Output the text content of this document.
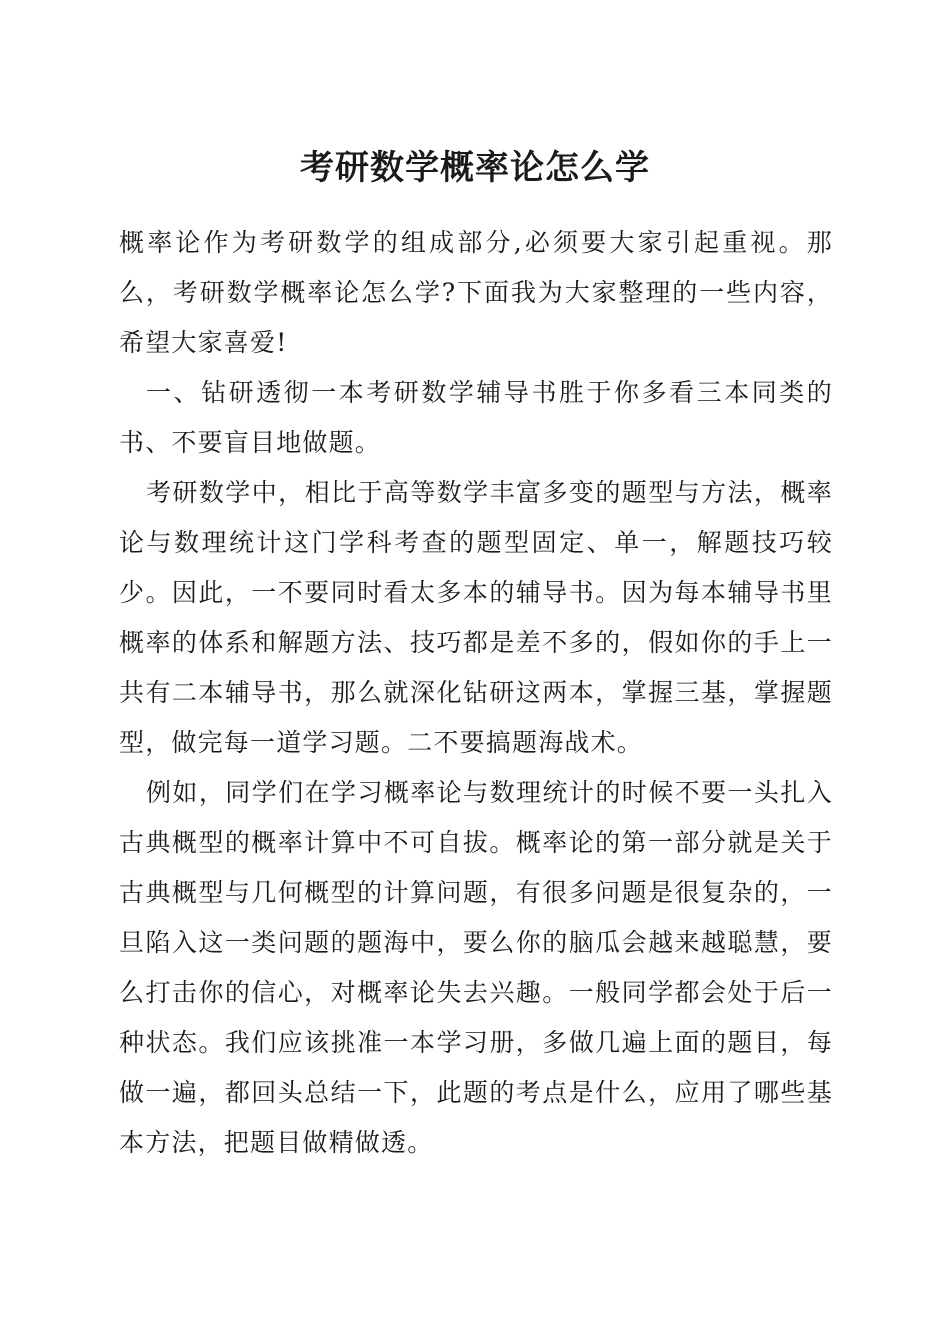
考研数学概率论怎么学

概率论作为考研数学的组成部分,必须要大家引起重视。那么，考研数学概率论怎么学?下面我为大家整理的一些内容，希望大家喜爱!

一、钻研透彻一本考研数学辅导书胜于你多看三本同类的书、不要盲目地做题。

考研数学中，相比于高等数学丰富多变的题型与方法，概率论与数理统计这门学科考查的题型固定、单一，解题技巧较少。因此，一不要同时看太多本的辅导书。因为每本辅导书里概率的体系和解题方法、技巧都是差不多的，假如你的手上一共有二本辅导书，那么就深化钻研这两本，掌握三基，掌握题型，做完每一道学习题。二不要搞题海战术。

例如，同学们在学习概率论与数理统计的时候不要一头扎入古典概型的概率计算中不可自拔。概率论的第一部分就是关于古典概型与几何概型的计算问题，有很多问题是很复杂的，一旦陷入这一类问题的题海中，要么你的脑瓜会越来越聪慧，要么打击你的信心，对概率论失去兴趣。一般同学都会处于后一种状态。我们应该挑准一本学习册，多做几遍上面的题目，每做一遍，都回头总结一下，此题的考点是什么，应用了哪些基本方法，把题目做精做透。
